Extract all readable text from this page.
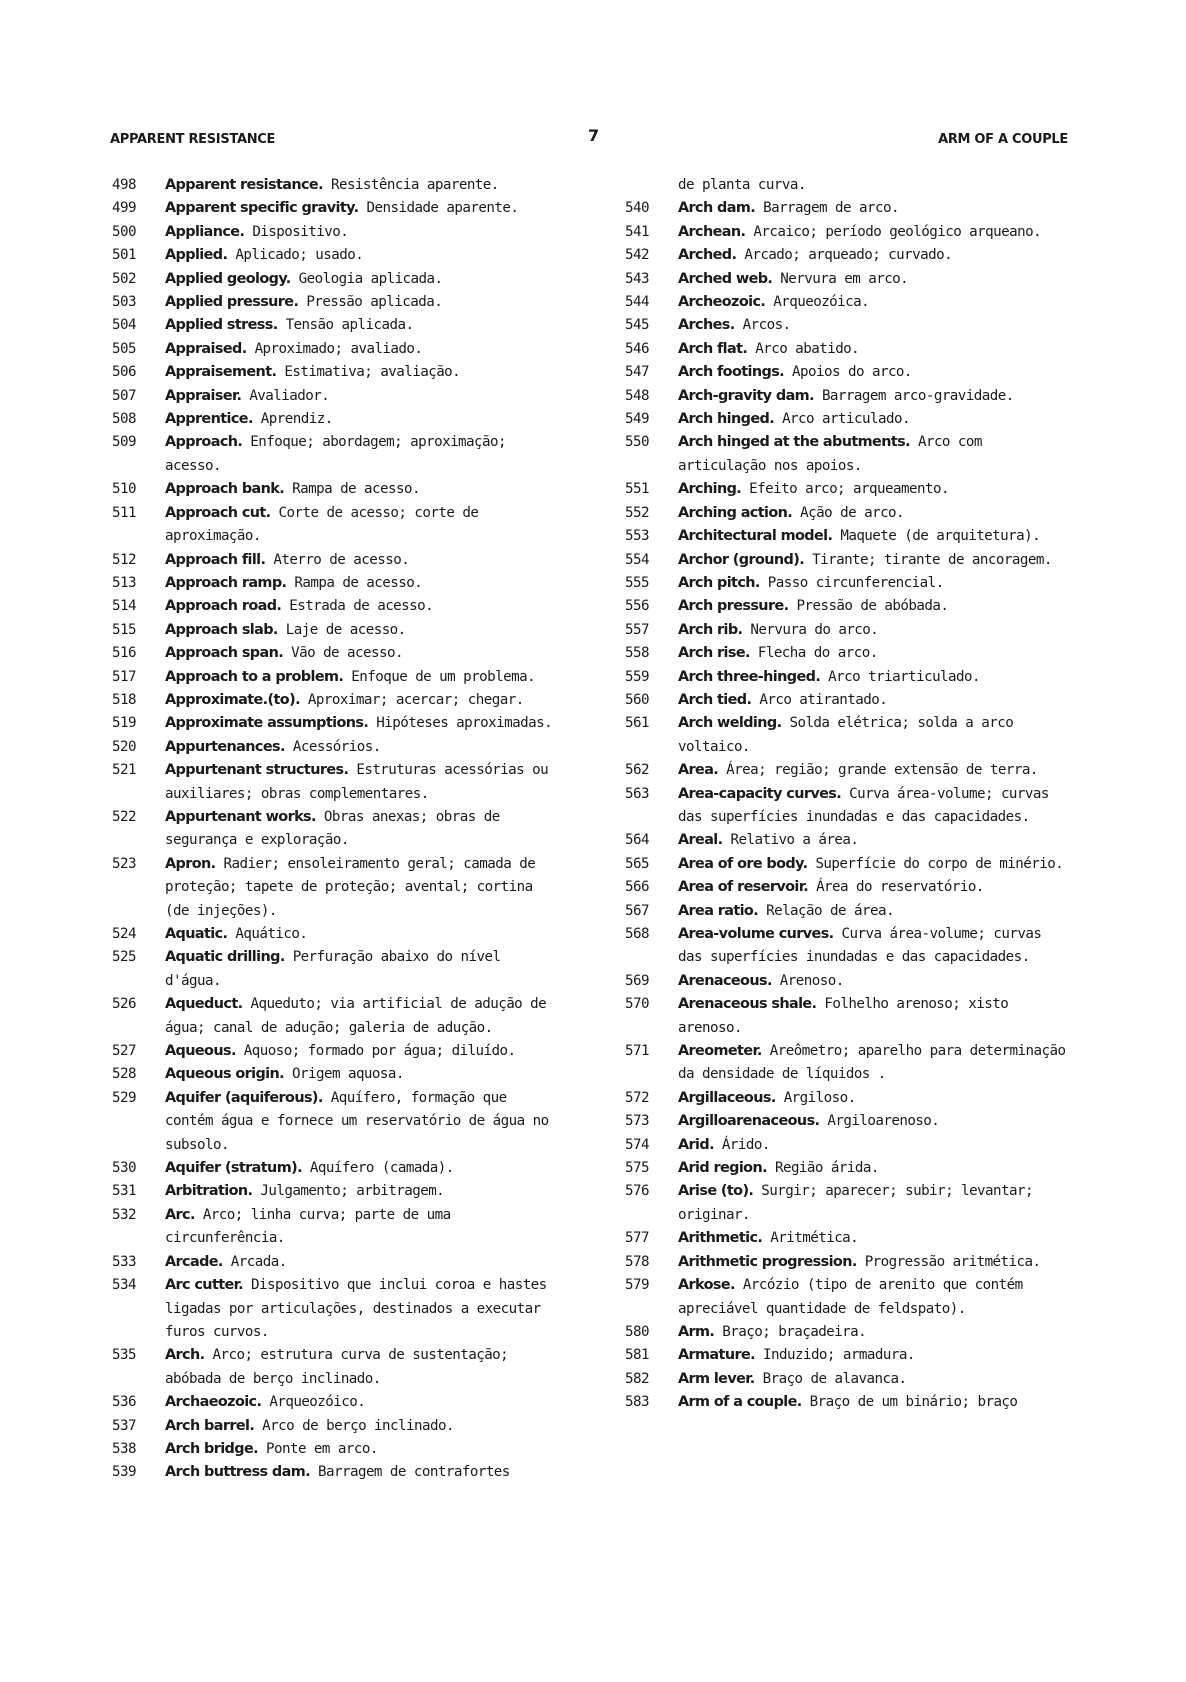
APPARENT RESISTANCE	7	ARM OF A COUPLE
498	Apparent resistance. Resistência aparente.
499	Apparent specific gravity. Densidade aparente.
500	Appliance. Dispositivo.
501	Applied. Aplicado; usado.
502	Applied geology. Geologia aplicada.
503	Applied pressure. Pressão aplicada.
504	Applied stress. Tensão aplicada.
505	Appraised. Aproximado; avaliado.
506	Appraisement. Estimativa; avaliação.
507	Appraiser. Avaliador.
508	Apprentice. Aprendiz.
509	Approach. Enfoque; abordagem; aproximação; acesso.
510	Approach bank. Rampa de acesso.
511	Approach cut. Corte de acesso; corte de aproximação.
512	Approach fill. Aterro de acesso.
513	Approach ramp. Rampa de acesso.
514	Approach road. Estrada de acesso.
515	Approach slab. Laje de acesso.
516	Approach span. Vão de acesso.
517	Approach to a problem. Enfoque de um problema.
518	Approximate.(to). Aproximar; acercar; chegar.
519	Approximate assumptions. Hipóteses aproximadas.
520	Appurtenances. Acessórios.
521	Appurtenant structures. Estruturas acessórias ou auxiliares; obras complementares.
522	Appurtenant works. Obras anexas; obras de segurança e exploração.
523	Apron. Radier; ensoleiramento geral; camada de proteção; tapete de proteção; avental; cortina (de injeções).
524	Aquatic. Aquático.
525	Aquatic drilling. Perfuração abaixo do nível d'água.
526	Aqueduct. Aqueduto; via artificial de adução de água; canal de adução; galeria de adução.
527	Aqueous. Aquoso; formado por água; diluído.
528	Aqueous origin. Origem aquosa.
529	Aquifer (aquiferous). Aquífero, formação que contém água e fornece um reservatório de água no subsolo.
530	Aquifer (stratum). Aquífero (camada).
531	Arbitration. Julgamento; arbitragem.
532	Arc. Arco; linha curva; parte de uma circunferência.
533	Arcade. Arcada.
534	Arc cutter. Dispositivo que inclui coroa e hastes ligadas por articulações, destinados a executar furos curvos.
535	Arch. Arco; estrutura curva de sustentação; abóbada de berço inclinado.
536	Archaeozoic. Arqueozóico.
537	Arch barrel. Arco de berço inclinado.
538	Arch bridge. Ponte em arco.
539	Arch buttress dam. Barragem de contrafortes
de planta curva.
540	Arch dam. Barragem de arco.
541	Archean. Arcaico; período geológico arqueano.
542	Arched. Arcado; arqueado; curvado.
543	Arched web. Nervura em arco.
544	Archeozoic. Arqueozóica.
545	Arches. Arcos.
546	Arch flat. Arco abatido.
547	Arch footings. Apoios do arco.
548	Arch-gravity dam. Barragem arco-gravidade.
549	Arch hinged. Arco articulado.
550	Arch hinged at the abutments. Arco com articulação nos apoios.
551	Arching. Efeito arco; arqueamento.
552	Arching action. Ação de arco.
553	Architectural model. Maquete (de arquitetura).
554	Archor (ground). Tirante; tirante de ancoragem.
555	Arch pitch. Passo circunferencial.
556	Arch pressure. Pressão de abóbada.
557	Arch rib. Nervura do arco.
558	Arch rise. Flecha do arco.
559	Arch three-hinged. Arco triarticulado.
560	Arch tied. Arco atirantado.
561	Arch welding. Solda elétrica; solda a arco voltaico.
562	Area. Área; região; grande extensão de terra.
563	Area-capacity curves. Curva área-volume; curvas das superfícies inundadas e das capacidades.
564	Areal. Relativo a área.
565	Area of ore body. Superfície do corpo de minério.
566	Area of reservoir. Área do reservatório.
567	Area ratio. Relação de área.
568	Area-volume curves. Curva área-volume; curvas das superfícies inundadas e das capacidades.
569	Arenaceous. Arenoso.
570	Arenaceous shale. Folhelho arenoso; xisto arenoso.
571	Areometer. Areômetro; aparelho para determinação da densidade de líquidos .
572	Argillaceous. Argiloso.
573	Argilloarenaceous. Argiloarenoso.
574	Arid. Árido.
575	Arid region. Região árida.
576	Arise (to). Surgir; aparecer; subir; levantar; originar.
577	Arithmetic. Aritmética.
578	Arithmetic progression. Progressão aritmética.
579	Arkose. Arcózio (tipo de arenito que contém apreciável quantidade de feldspato).
580	Arm. Braço; braçadeira.
581	Armature. Induzido; armadura.
582	Arm lever. Braço de alavanca.
583	Arm of a couple. Braço de um binário; braço
